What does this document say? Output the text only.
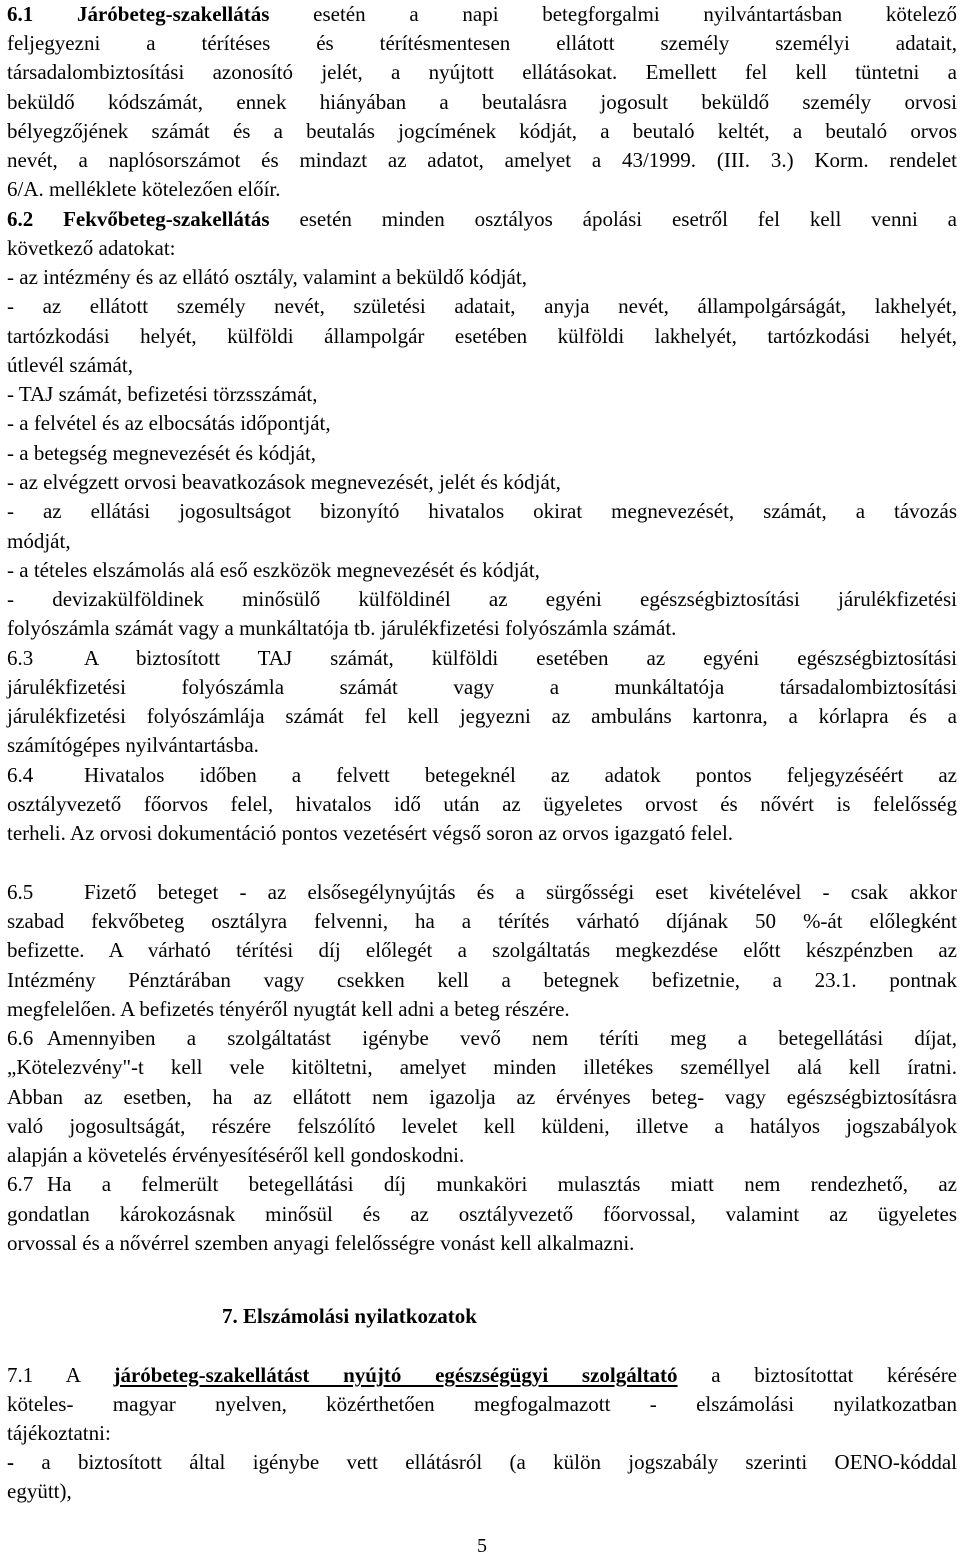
5
6.1 Járóbeteg-szakellátás esetén a napi betegforgalmi nyilvántartásban kötelező
feljegyezni a térítéses és térítésmentesen ellátott személy személyi adatait,
társadalombiztosítási azonosító jelét, a nyújtott ellátásokat. Emellett fel kell tüntetni a
beküldő kódszámát, ennek hiányában a beutalásra jogosult beküldő személy orvosi
bélyegzőjének számát és a beutalás jogcímének kódját, a beutaló keltét, a beutaló orvos
nevét, a naplósorszámot és mindazt az adatot, amelyet a 43/1999. (III. 3.) Korm. rendelet
6/A. melléklete kötelezően előír.
6.2 Fekvőbeteg-szakellátás esetén minden osztályos ápolási esetről fel kell venni a
következő adatokat:
- az intézmény és az ellátó osztály, valamint a beküldő kódját,
- az ellátott személy nevét, születési adatait, anyja nevét, állampolgárságát, lakhelyét,
tartózkodási helyét, külföldi állampolgár esetében külföldi lakhelyét, tartózkodási helyét,
útlevél számát,
- TAJ számát, befizetési törzsszámát,
- a felvétel és az elbocsátás időpontját,
- a betegség megnevezését és kódját,
- az elvégzett orvosi beavatkozások megnevezését, jelét és kódját,
- az ellátási jogosultságot bizonyító hivatalos okirat megnevezését, számát, a távozás
módját,
- a tételes elszámolás alá eső eszközök megnevezését és kódját,
- devizakülföldinek minősülő külföldinél az egyéni egészségbiztosítási járulékfizetési
folyószámla számát vagy a munkáltatója tb. járulékfizetési folyószámla számát.
6.3 A biztosított TAJ számát, külföldi esetében az egyéni egészségbiztosítási
járulékfizetési folyószámla számát vagy a munkáltatója társadalombiztosítási
járulékfizetési folyószámlája számát fel kell jegyezni az ambuláns kartonra, a kórlapra és a
számítógépes nyilvántartásba.
6.4 Hivatalos időben a felvett betegeknél az adatok pontos feljegyzéséért az
osztályvezető főorvos felel, hivatalos idő után az ügyeletes orvost és nővért is felelősség
terheli. Az orvosi dokumentáció pontos vezetésért végső soron az orvos igazgató felel.
6.5 Fizető beteget - az elsősegélynyújtás és a sürgősségi eset kivételével - csak akkor
szabad fekvőbeteg osztályra felvenni, ha a térítés várható díjának 50 %-át előlegként
befizette. A várható térítési díj előlegét a szolgáltatás megkezdése előtt készpénzben az
Intézmény Pénztárában vagy csekken kell a betegnek befizetnie, a 23.1. pontnak
megfelelően. A befizetés tényéről nyugtát kell adni a beteg részére.
6.6 Amennyiben a szolgáltatást igénybe vevő nem téríti meg a betegellátási díjat,
„Kötelezvény"-t kell vele kitöltetni, amelyet minden illetékes személlyel alá kell íratni.
Abban az esetben, ha az ellátott nem igazolja az érvényes beteg- vagy egészségbiztosításra
való jogosultságát, részére felszólító levelet kell küldeni, illetve a hatályos jogszabályok
alapján a követelés érvényesítéséről kell gondoskodni.
6.7 Ha a felmerült betegellátási díj munkaköri mulasztás miatt nem rendezhető, az
gondatlan károkozásnak minősül és az osztályvezető főorvossal, valamint az ügyeletes
orvossal és a nővérrel szemben anyagi felelősségre vonást kell alkalmazni.
7. Elszámolási nyilatkozatok
7.1 A járóbeteg-szakellátást nyújtó egészségügyi szolgáltató a biztosítottat kérésére
köteles- magyar nyelven, közérthetően megfogalmazott - elszámolási nyilatkozatban
tájékoztatni:
- a biztosított által igénybe vett ellátásról (a külön jogszabály szerinti OENO-kóddal
együtt),
